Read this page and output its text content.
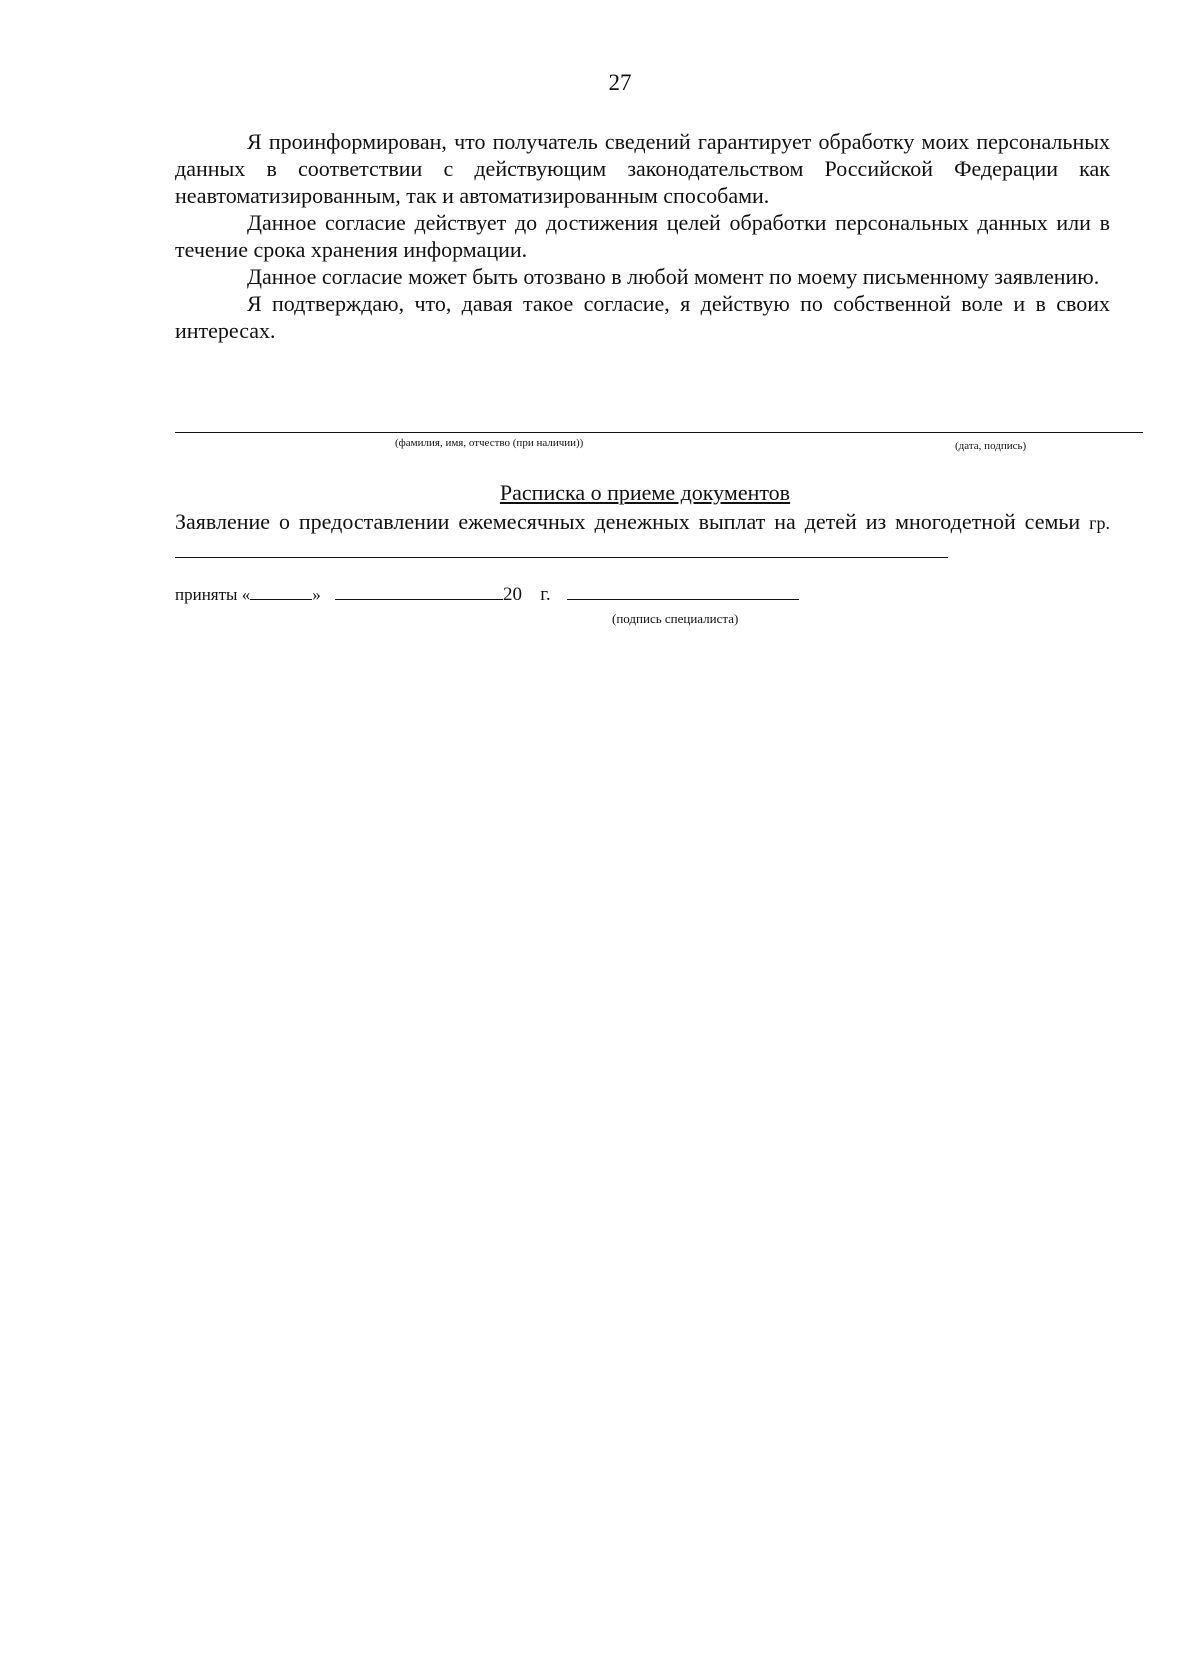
27

Я проинформирован, что получатель сведений гарантирует обработку моих персональных данных в соответствии с действующим законодательством Российской Федерации как неавтоматизированным, так и автоматизированным способами.

Данное согласие действует до достижения целей обработки персональных данных или в течение срока хранения информации.

Данное согласие может быть отозвано в любой момент по моему письменному заявлению.

Я подтверждаю, что, давая такое согласие, я действую по собственной воле и в своих интересах.

(фамилия, имя, отчество (при наличии))	(дата, подпись)
Расписка о приеме документов
Заявление о предоставлении ежемесячных денежных выплат на детей из многодетной семьи гр.
приняты «	»	20 г.
(подпись специалиста)
